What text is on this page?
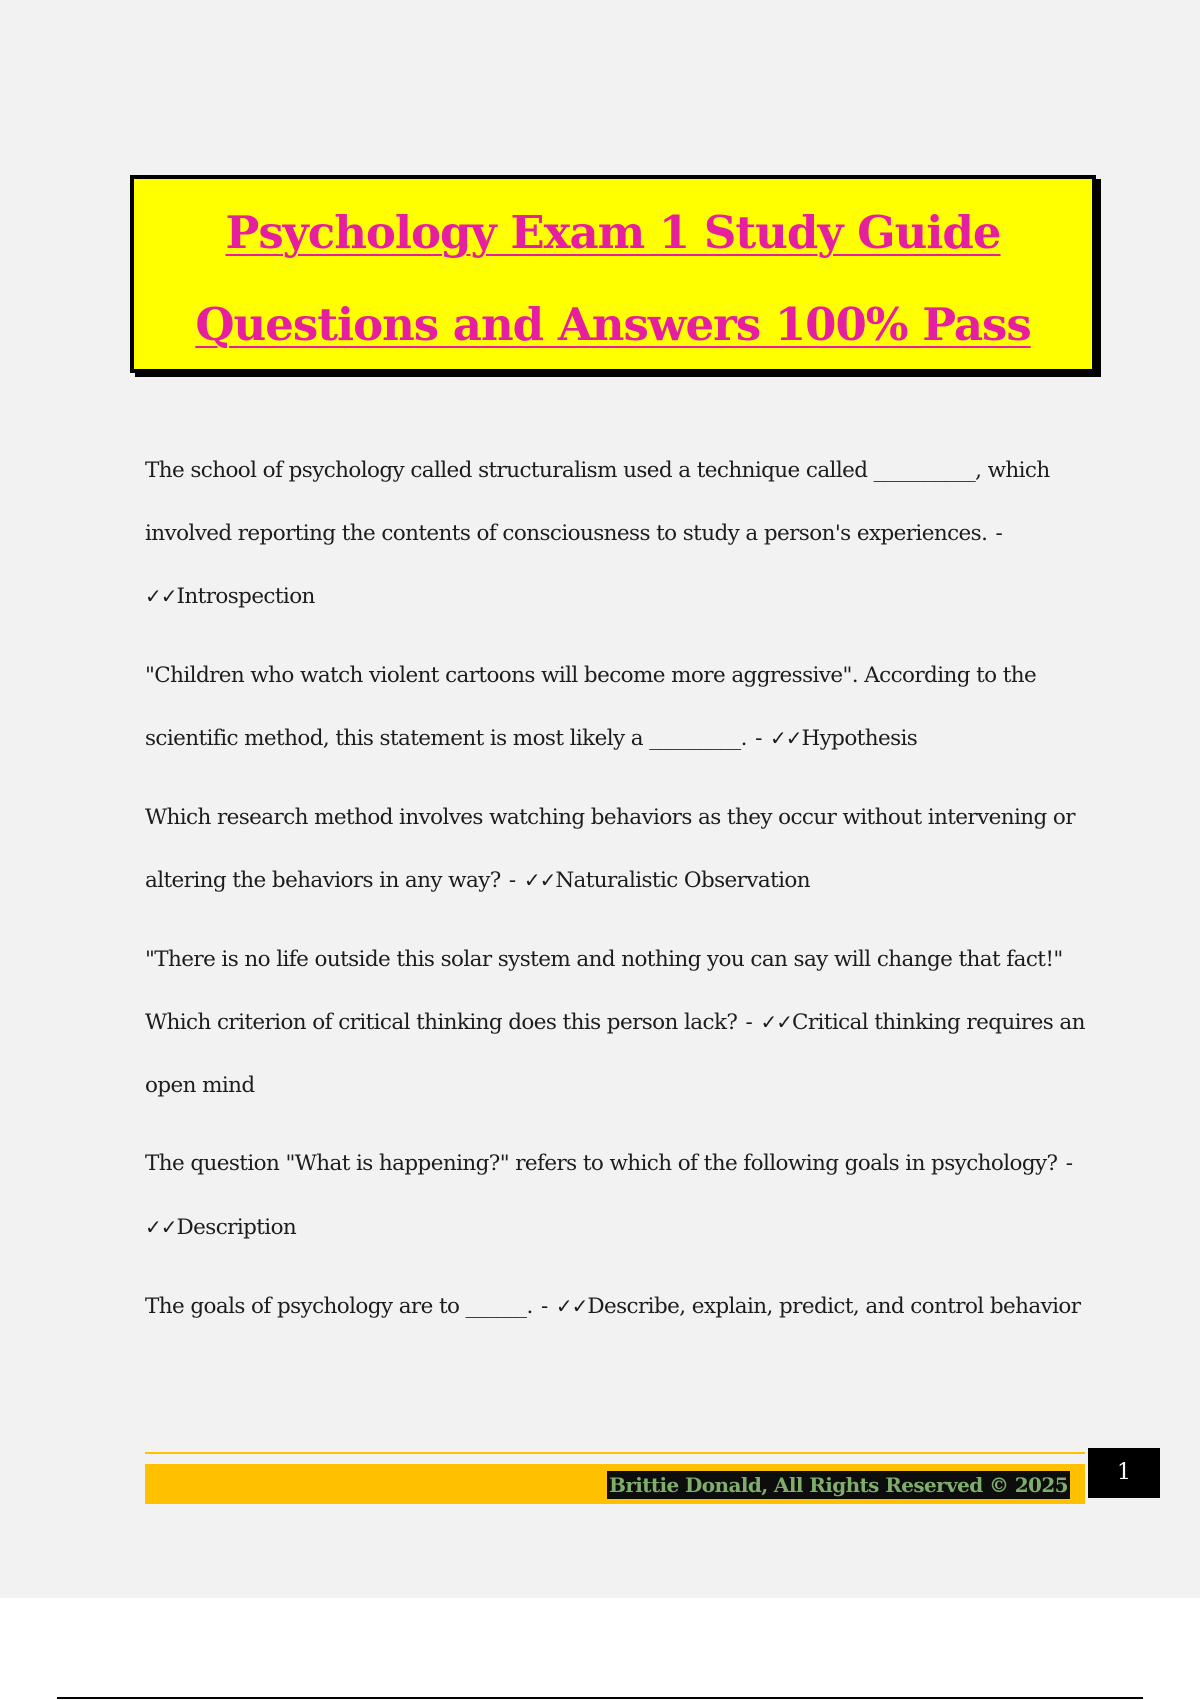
Psychology Exam 1 Study Guide
Questions and Answers 100% Pass

The school of psychology called structuralism used a technique called __________, which involved reporting the contents of consciousness to study a person's experiences. - ✓✓Introspection

"Children who watch violent cartoons will become more aggressive". According to the scientific method, this statement is most likely a _________. - ✓✓Hypothesis

Which research method involves watching behaviors as they occur without intervening or altering the behaviors in any way? - ✓✓Naturalistic Observation

"There is no life outside this solar system and nothing you can say will change that fact!" Which criterion of critical thinking does this person lack? - ✓✓Critical thinking requires an open mind

The question "What is happening?" refers to which of the following goals in psychology? - ✓✓Description

The goals of psychology are to ______. - ✓✓Describe, explain, predict, and control behavior

Brittie Donald, All Rights Reserved © 2025	1
